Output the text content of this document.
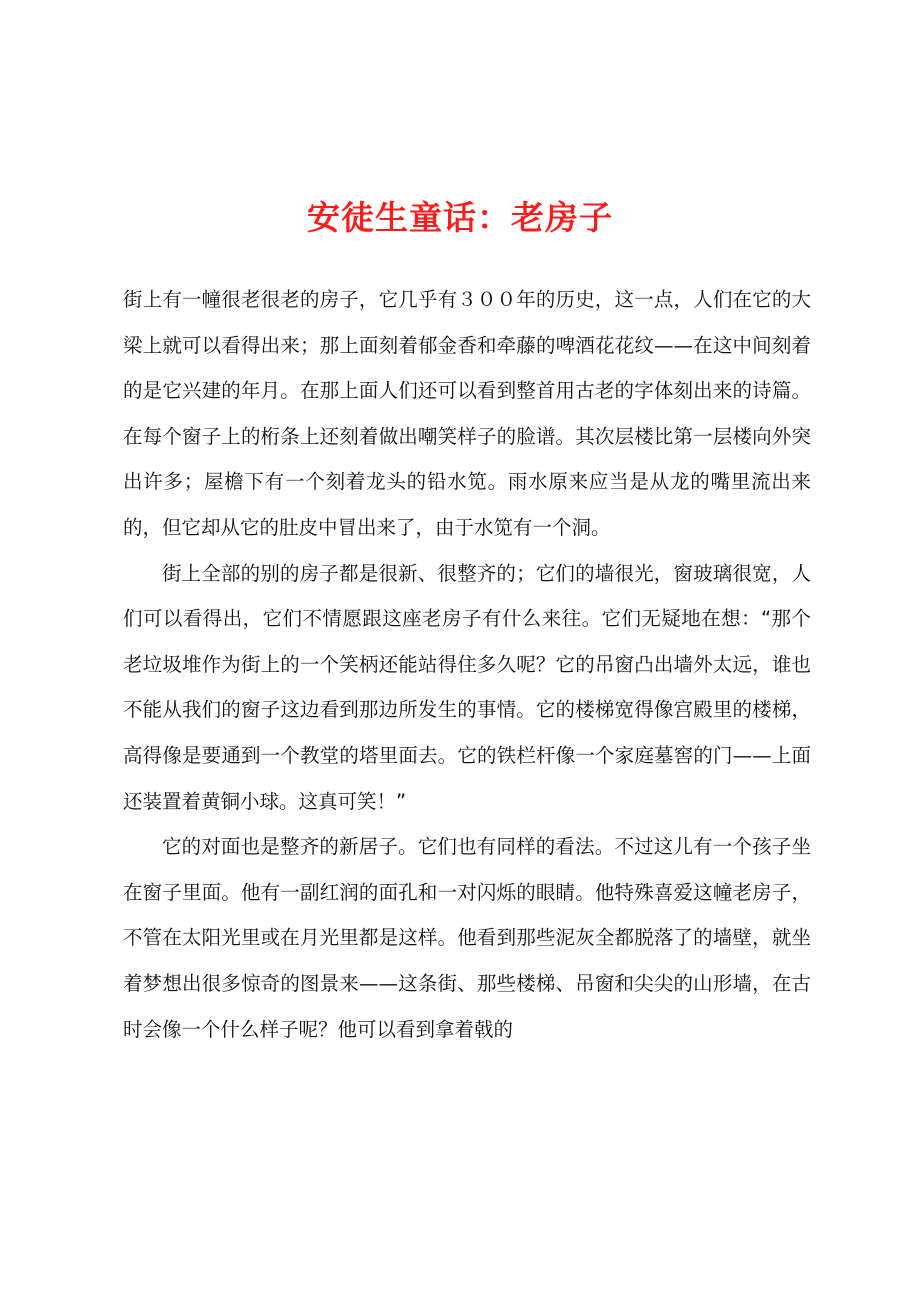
安徒生童话：老房子

街上有一幢很老很老的房子，它几乎有３００年的历史，这一点，人们在它的大梁上就可以看得出来；那上面刻着郁金香和牵藤的啤酒花花纹——在这中间刻着的是它兴建的年月。在那上面人们还可以看到整首用古老的字体刻出来的诗篇。在每个窗子上的桁条上还刻着做出嘲笑样子的脸谱。其次层楼比第一层楼向外突出许多；屋檐下有一个刻着龙头的铅水笕。雨水原来应当是从龙的嘴里流出来的，但它却从它的肚皮中冒出来了，由于水笕有一个洞。

街上全部的别的房子都是很新、很整齐的；它们的墙很光，窗玻璃很宽，人们可以看得出，它们不情愿跟这座老房子有什么来往。它们无疑地在想：“那个老垃圾堆作为街上的一个笑柄还能站得住多久呢？它的吊窗凸出墙外太远，谁也不能从我们的窗子这边看到那边所发生的事情。它的楼梯宽得像宫殿里的楼梯，高得像是要通到一个教堂的塔里面去。它的铁栏杆像一个家庭墓窖的门——上面还装置着黄铜小球。这真可笑！”

它的对面也是整齐的新居子。它们也有同样的看法。不过这儿有一个孩子坐在窗子里面。他有一副红润的面孔和一对闪烁的眼睛。他特殊喜爱这幢老房子，不管在太阳光里或在月光里都是这样。他看到那些泥灰全都脱落了的墙壁，就坐着梦想出很多惊奇的图景来——这条街、那些楼梯、吊窗和尖尖的山形墙，在古时会像一个什么样子呢？他可以看到拿着戟的
